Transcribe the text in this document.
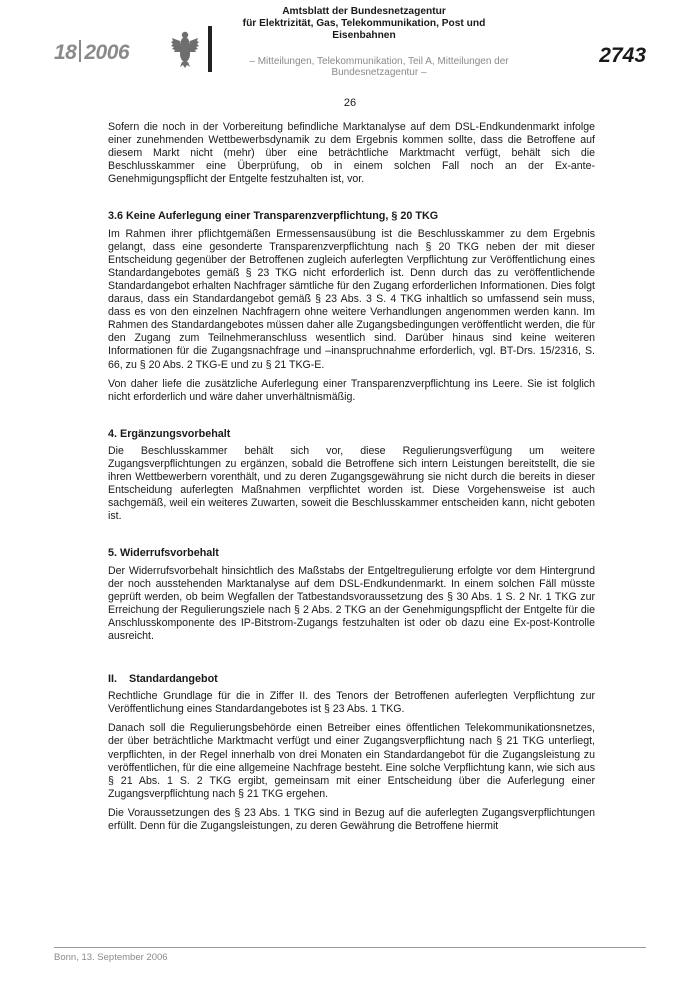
18 2006
Amtsblatt der Bundesnetzagentur
für Elektrizität, Gas, Telekommunikation, Post und Eisenbahnen
– Mitteilungen, Telekommunikation, Teil A, Mitteilungen der Bundesnetzagentur –
2743
26

Sofern die noch in der Vorbereitung befindliche Marktanalyse auf dem DSL-Endkundenmarkt infolge einer zunehmenden Wettbewerbsdynamik zu dem Ergebnis kommen sollte, dass die Betroffene auf diesem Markt nicht (mehr) über eine beträchtliche Marktmacht verfügt, behält sich die Beschlusskammer eine Überprüfung, ob in einem solchen Fall noch an der Ex-ante-Genehmigungspflicht der Entgelte festzuhalten ist, vor.

3.6 Keine Auferlegung einer Transparenzverpflichtung, § 20 TKG

Im Rahmen ihrer pflichtgemäßen Ermessensausübung ist die Beschlusskammer zu dem Ergebnis gelangt, dass eine gesonderte Transparenzverpflichtung nach § 20 TKG neben der mit dieser Entscheidung gegenüber der Betroffenen zugleich auferlegten Verpflichtung zur Veröffentlichung eines Standardangebotes gemäß § 23 TKG nicht erforderlich ist. Denn durch das zu veröffentlichende Standardangebot erhalten Nachfrager sämtliche für den Zugang erforderlichen Informationen. Dies folgt daraus, dass ein Standardangebot gemäß § 23 Abs. 3 S. 4 TKG inhaltlich so umfassend sein muss, dass es von den einzelnen Nachfragern ohne weitere Verhandlungen angenommen werden kann. Im Rahmen des Standardangebotes müssen daher alle Zugangsbedingungen veröffentlicht werden, die für den Zugang zum Teilnehmeranschluss wesentlich sind. Darüber hinaus sind keine weiteren Informationen für die Zugangsnachfrage und –inanspruchnahme erforderlich, vgl. BT-Drs. 15/2316, S. 66, zu § 20 Abs. 2 TKG-E und zu § 21 TKG-E.

Von daher liefe die zusätzliche Auferlegung einer Transparenzverpflichtung ins Leere. Sie ist folglich nicht erforderlich und wäre daher unverhältnismäßig.

4. Ergänzungsvorbehalt

Die Beschlusskammer behält sich vor, diese Regulierungsverfügung um weitere Zugangsverpflichtungen zu ergänzen, sobald die Betroffene sich intern Leistungen bereitstellt, die sie ihren Wettbewerbern vorenthält, und zu deren Zugangsgewährung sie nicht durch die bereits in dieser Entscheidung auferlegten Maßnahmen verpflichtet worden ist. Diese Vorgehensweise ist auch sachgemäß, weil ein weiteres Zuwarten, soweit die Beschlusskammer entscheiden kann, nicht geboten ist.

5. Widerrufsvorbehalt

Der Widerrufsvorbehalt hinsichtlich des Maßstabs der Entgeltregulierung erfolgte vor dem Hintergrund der noch ausstehenden Marktanalyse auf dem DSL-Endkundenmarkt. In einem solchen Fäll müsste geprüft werden, ob beim Wegfallen der Tatbestandsvoraussetzung des § 30 Abs. 1 S. 2 Nr. 1 TKG zur Erreichung der Regulierungsziele nach § 2 Abs. 2 TKG an der Genehmigungspflicht der Entgelte für die Anschlusskomponente des IP-Bitstrom-Zugangs festzuhalten ist oder ob dazu eine Ex-post-Kontrolle ausreicht.

II.    Standardangebot

Rechtliche Grundlage für die in Ziffer II. des Tenors der Betroffenen auferlegten Verpflichtung zur Veröffentlichung eines Standardangebotes ist § 23 Abs. 1 TKG.

Danach soll die Regulierungsbehörde einen Betreiber eines öffentlichen Telekommunikationsnetzes, der über beträchtliche Marktmacht verfügt und einer Zugangsverpflichtung nach § 21 TKG unterliegt, verpflichten, in der Regel innerhalb von drei Monaten ein Standardangebot für die Zugangsleistung zu veröffentlichen, für die eine allgemeine Nachfrage besteht. Eine solche Verpflichtung kann, wie sich aus § 21 Abs. 1 S. 2 TKG ergibt, gemeinsam mit einer Entscheidung über die Auferlegung einer Zugangsverpflichtung nach § 21 TKG ergehen.

Die Voraussetzungen des § 23 Abs. 1 TKG sind in Bezug auf die auferlegten Zugangsverpflichtungen erfüllt. Denn für die Zugangsleistungen, zu deren Gewährung die Betroffene hiermit

Bonn, 13. September 2006
